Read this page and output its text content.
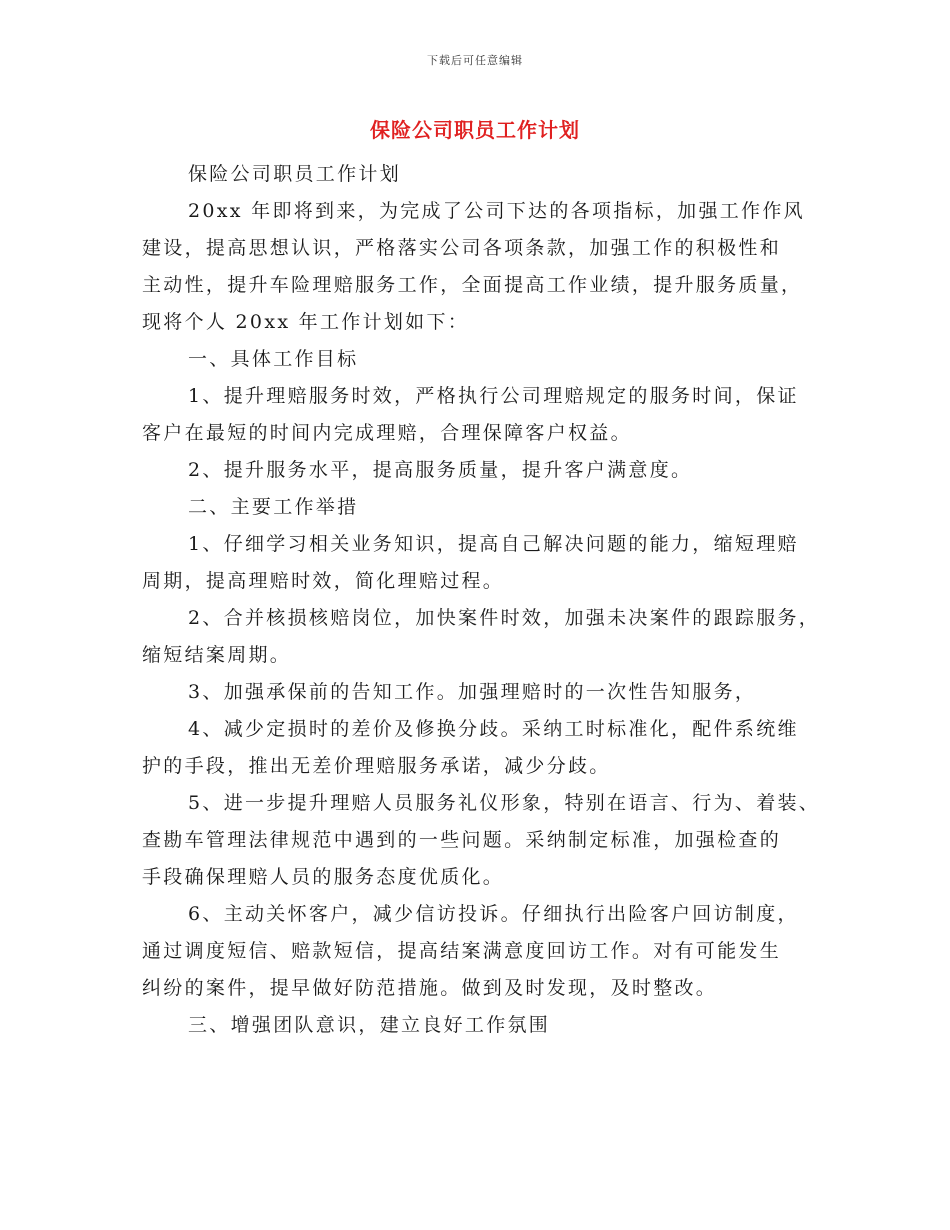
下载后可任意编辑
保险公司职员工作计划
保险公司职员工作计划
20xx 年即将到来，为完成了公司下达的各项指标，加强工作作风
建设，提高思想认识，严格落实公司各项条款，加强工作的积极性和
主动性，提升车险理赔服务工作，全面提高工作业绩，提升服务质量，
现将个人 20xx 年工作计划如下：
一、具体工作目标
1、提升理赔服务时效，严格执行公司理赔规定的服务时间，保证
客户在最短的时间内完成理赔，合理保障客户权益。
2、提升服务水平，提高服务质量，提升客户满意度。
二、主要工作举措
1、仔细学习相关业务知识，提高自己解决问题的能力，缩短理赔
周期，提高理赔时效，简化理赔过程。
2、合并核损核赔岗位，加快案件时效，加强未决案件的跟踪服务，
缩短结案周期。
3、加强承保前的告知工作。加强理赔时的一次性告知服务，
4、减少定损时的差价及修换分歧。采纳工时标准化，配件系统维
护的手段，推出无差价理赔服务承诺，减少分歧。
5、进一步提升理赔人员服务礼仪形象，特别在语言、行为、着装、
查勘车管理法律规范中遇到的一些问题。采纳制定标准，加强检查的
手段确保理赔人员的服务态度优质化。
6、主动关怀客户，减少信访投诉。仔细执行出险客户回访制度，
通过调度短信、赔款短信，提高结案满意度回访工作。对有可能发生
纠纷的案件，提早做好防范措施。做到及时发现，及时整改。
三、增强团队意识，建立良好工作氛围
